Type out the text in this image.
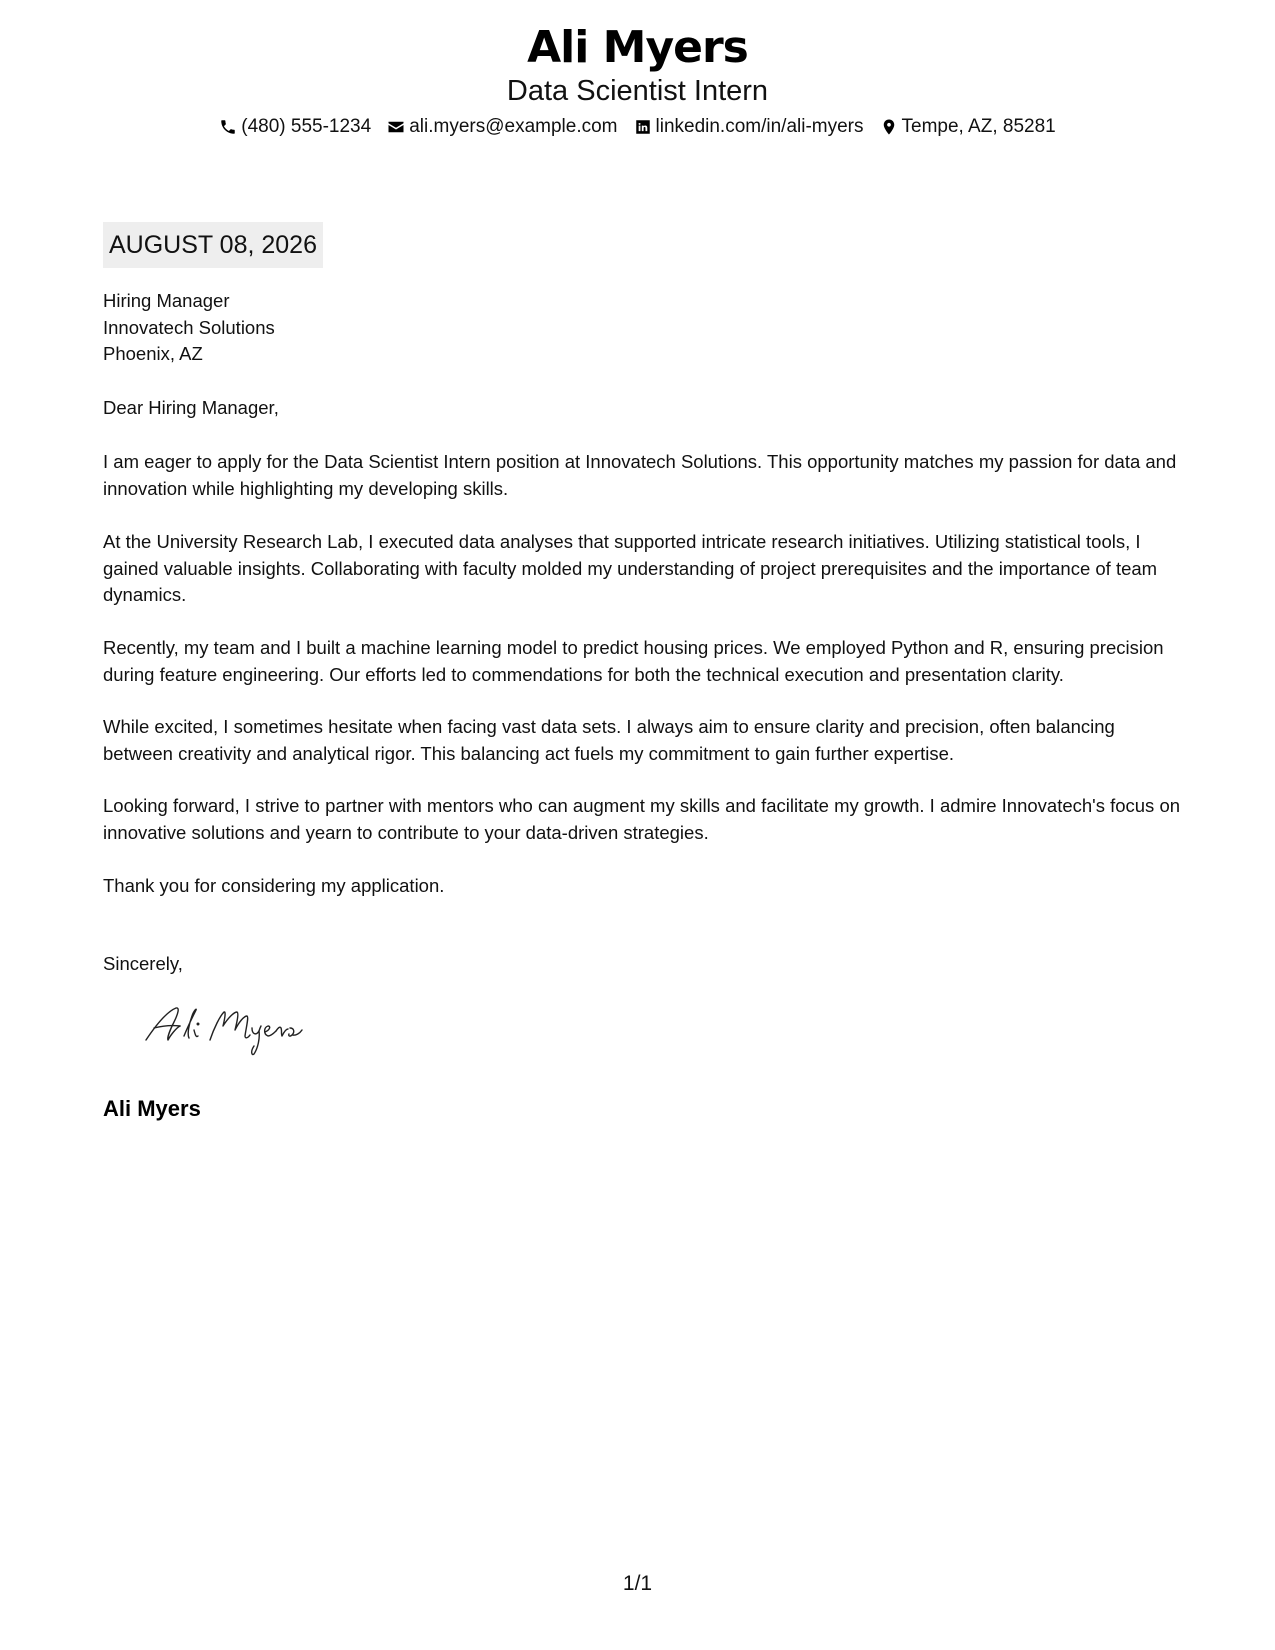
Ali Myers
Data Scientist Intern
(480) 555-1234 ali.myers@example.com linkedin.com/in/ali-myers Tempe, AZ, 85281
AUGUST 08, 2026
Hiring Manager
Innovatech Solutions
Phoenix, AZ
Dear Hiring Manager,

I am eager to apply for the Data Scientist Intern position at Innovatech Solutions. This opportunity matches my passion for data and innovation while highlighting my developing skills.

At the University Research Lab, I executed data analyses that supported intricate research initiatives. Utilizing statistical tools, I gained valuable insights. Collaborating with faculty molded my understanding of project prerequisites and the importance of team dynamics.

Recently, my team and I built a machine learning model to predict housing prices. We employed Python and R, ensuring precision during feature engineering. Our efforts led to commendations for both the technical execution and presentation clarity.

While excited, I sometimes hesitate when facing vast data sets. I always aim to ensure clarity and precision, often balancing between creativity and analytical rigor. This balancing act fuels my commitment to gain further expertise.

Looking forward, I strive to partner with mentors who can augment my skills and facilitate my growth. I admire Innovatech's focus on innovative solutions and yearn to contribute to your data-driven strategies.

Thank you for considering my application.

Sincerely,
Ali Myers
1/1
